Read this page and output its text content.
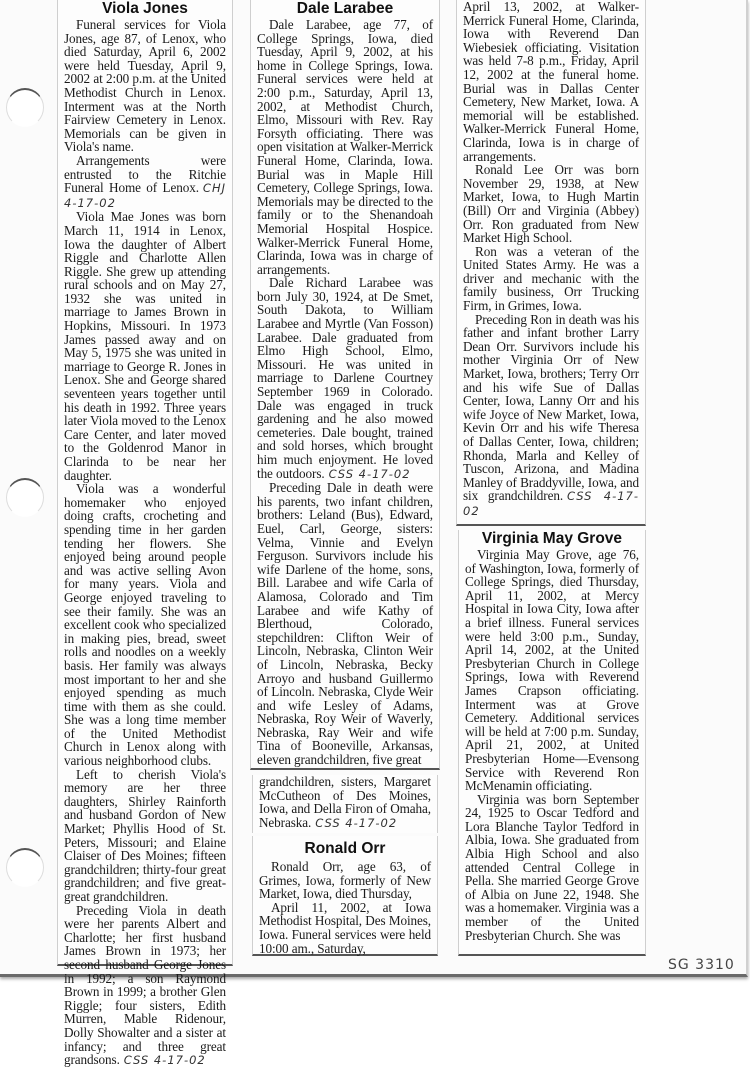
Viola Jones

Funeral services for Viola Jones, age 87, of Lenox, who died Saturday, April 6, 2002 were held Tuesday, April 9, 2002 at 2:00 p.m. at the United Methodist Church in Lenox. Interment was at the North Fairview Cemetery in Lenox. Memorials can be given in Viola's name.

Arrangements were entrusted to the Ritchie Funeral Home of Lenox. CHJ 4-17-02

Viola Mae Jones was born March 11, 1914 in Lenox, Iowa the daughter of Albert Riggle and Charlotte Allen Riggle. She grew up attending rural schools and on May 27, 1932 she was united in marriage to James Brown in Hopkins, Missouri. In 1973 James passed away and on May 5, 1975 she was united in marriage to George R. Jones in Lenox. She and George shared seventeen years together until his death in 1992. Three years later Viola moved to the Lenox Care Center, and later moved to the Goldenrod Manor in Clarinda to be near her daughter.

Viola was a wonderful homemaker who enjoyed doing crafts, crocheting and spending time in her garden tending her flowers. She enjoyed being around people and was active selling Avon for many years. Viola and George enjoyed traveling to see their family. She was an excellent cook who specialized in making pies, bread, sweet rolls and noodles on a weekly basis. Her family was always most important to her and she enjoyed spending as much time with them as she could. She was a long time member of the United Methodist Church in Lenox along with various neighborhood clubs.

Left to cherish Viola's memory are her three daughters, Shirley Rainforth and husband Gordon of New Market; Phyllis Hood of St. Peters, Missouri; and Elaine Claiser of Des Moines; fifteen grandchildren; thirty-four great grandchildren; and five great-great grandchildren.

Preceding Viola in death were her parents Albert and Charlotte; her first husband James Brown in 1973; her second husband George Jones in 1992; a son Raymond Brown in 1999; a brother Glen Riggle; four sisters, Edith Murren, Mable Ridenour, Dolly Showalter and a sister at infancy; and three great grandsons. CSS 4-17-02

Dale Larabee

Dale Larabee, age 77, of College Springs, Iowa, died Tuesday, April 9, 2002, at his home in College Springs, Iowa. Funeral services were held at 2:00 p.m., Saturday, April 13, 2002, at Methodist Church, Elmo, Missouri with Rev. Ray Forsyth officiating. There was open visitation at Walker-Merrick Funeral Home, Clarinda, Iowa. Burial was in Maple Hill Cemetery, College Springs, Iowa. Memorials may be directed to the family or to the Shenandoah Memorial Hospital Hospice. Walker-Merrick Funeral Home, Clarinda, Iowa was in charge of arrangements.

Dale Richard Larabee was born July 30, 1924, at De Smet, South Dakota, to William Larabee and Myrtle (Van Fosson) Larabee. Dale graduated from Elmo High School, Elmo, Missouri. He was united in marriage to Darlene Courtney September 1969 in Colorado. Dale was engaged in truck gardening and he also mowed cemeteries. Dale bought, trained and sold horses, which brought him much enjoyment. He loved the outdoors. CSS 4-17-02

Preceding Dale in death were his parents, two infant children, brothers: Leland (Bus), Edward, Euel, Carl, George, sisters: Velma, Vinnie and Evelyn Ferguson. Survivors include his wife Darlene of the home, sons, Bill. Larabee and wife Carla of Alamosa, Colorado and Tim Larabee and wife Kathy of Blerthoud, Colorado, stepchildren: Clifton Weir of Lincoln, Nebraska, Clinton Weir of Lincoln, Nebraska, Becky Arroyo and husband Guillermo of Lincoln. Nebraska, Clyde Weir and wife Lesley of Adams, Nebraska, Roy Weir of Waverly, Nebraska, Ray Weir and wife Tina of Booneville, Arkansas, eleven grandchildren, five great

grandchildren, sisters, Margaret McCutheon of Des Moines, Iowa, and Della Firon of Omaha, Nebraska. CSS 4-17-02

Ronald Orr

Ronald Orr, age 63, of Grimes, Iowa, formerly of New Market, Iowa, died Thursday,

April 11, 2002, at Iowa Methodist Hospital, Des Moines, Iowa. Funeral services were held 10:00 am., Saturday,

April 13, 2002, at Walker-Merrick Funeral Home, Clarinda, Iowa with Reverend Dan Wiebesiek officiating. Visitation was held 7-8 p.m., Friday, April 12, 2002 at the funeral home. Burial was in Dallas Center Cemetery, New Market, Iowa. A memorial will be established. Walker-Merrick Funeral Home, Clarinda, Iowa is in charge of arrangements.

Ronald Lee Orr was born November 29, 1938, at New Market, Iowa, to Hugh Martin (Bill) Orr and Virginia (Abbey) Orr. Ron graduated from New Market High School.

Ron was a veteran of the United States Army. He was a driver and mechanic with the family business, Orr Trucking Firm, in Grimes, Iowa.

Preceding Ron in death was his father and infant brother Larry Dean Orr. Survivors include his mother Virginia Orr of New Market, Iowa, brothers; Terry Orr and his wife Sue of Dallas Center, Iowa, Lanny Orr and his wife Joyce of New Market, Iowa, Kevin Orr and his wife Theresa of Dallas Center, Iowa, children; Rhonda, Marla and Kelley of Tuscon, Arizona, and Madina Manley of Braddyville, Iowa, and six grandchildren. CSS 4-17-02

Virginia May Grove

Virginia May Grove, age 76, of Washington, Iowa, formerly of College Springs, died Thursday, April 11, 2002, at Mercy Hospital in Iowa City, Iowa after a brief illness. Funeral services were held 3:00 p.m., Sunday, April 14, 2002, at the United Presbyterian Church in College Springs, Iowa with Reverend James Crapson officiating. Interment was at Grove Cemetery. Additional services will be held at 7:00 p.m. Sunday, April 21, 2002, at United Presbyterian Home—Evensong Service with Reverend Ron McMenamin officiating.

Virginia was born September 24, 1925 to Oscar Tedford and Lora Blanche Taylor Tedford in Albia, Iowa. She graduated from Albia High School and also attended Central College in Pella. She married George Grove of Albia on June 22, 1948. She was a homemaker. Virginia was a member of the United Presbyterian Church. She was

SG 3310
